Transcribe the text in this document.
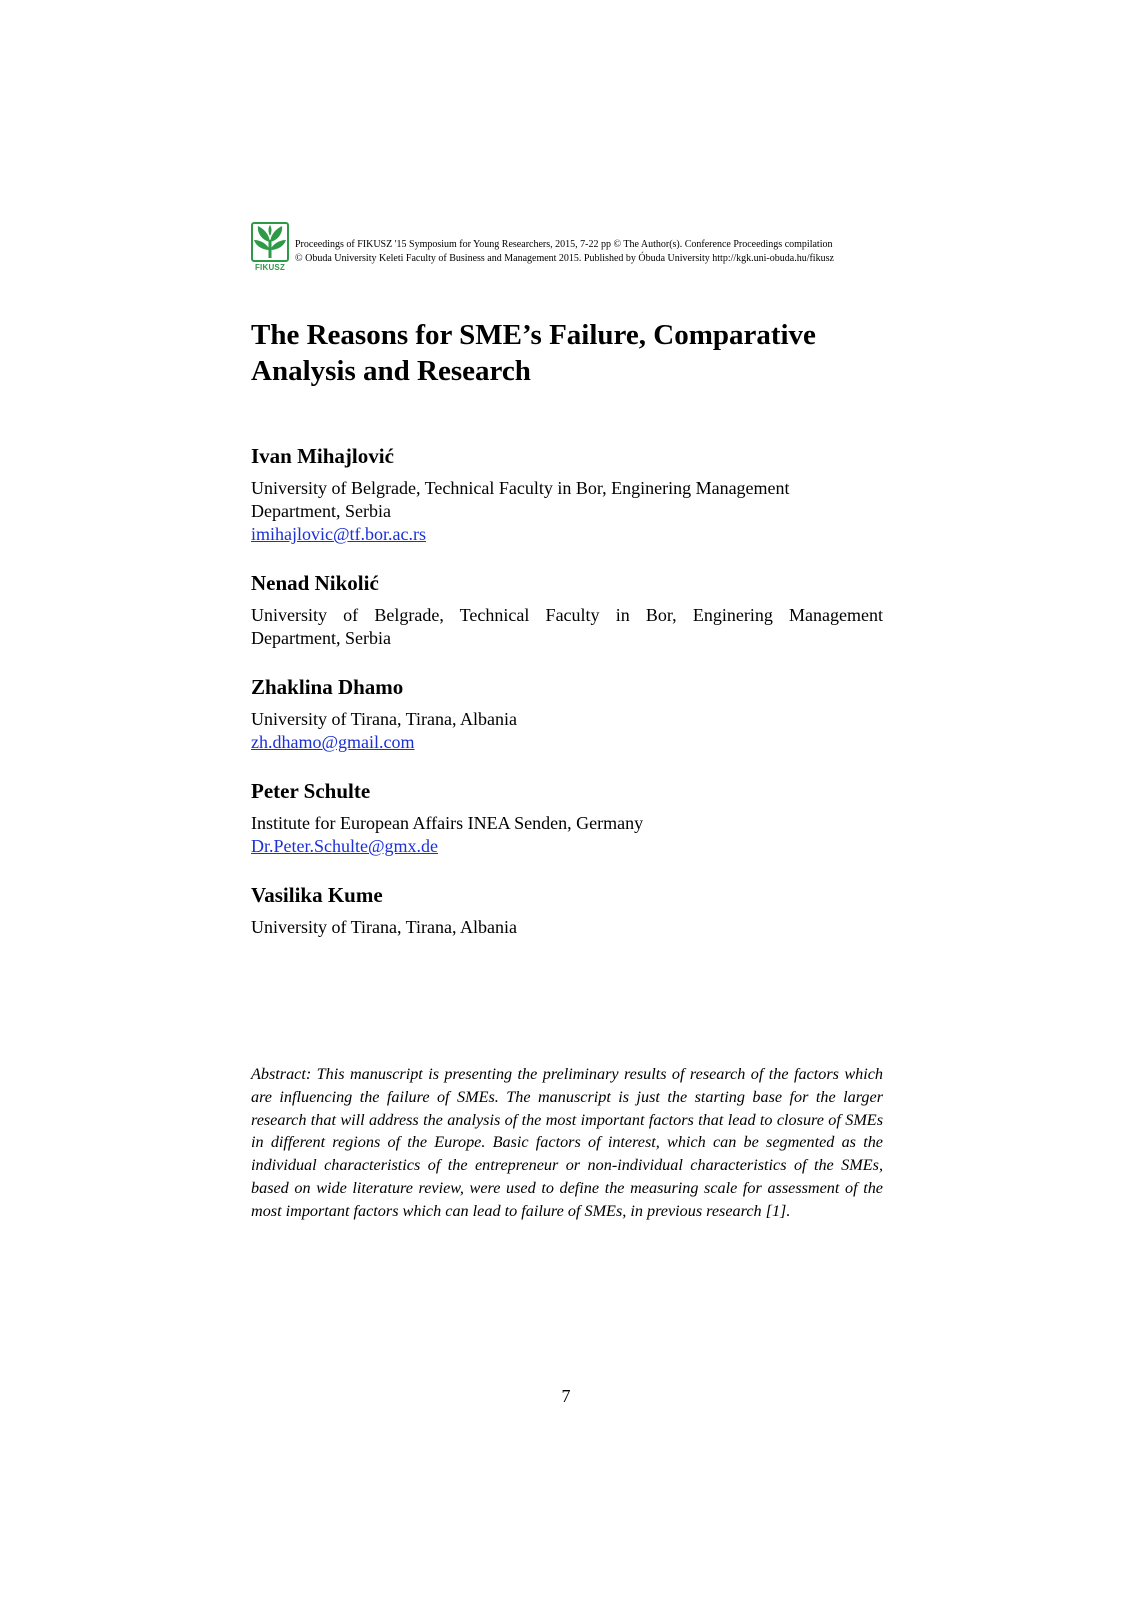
FIKUSZ
Proceedings of FIKUSZ '15 Symposium for Young Researchers, 2015, 7-22 pp © The Author(s). Conference Proceedings compilation
© Obuda University Keleti Faculty of Business and Management 2015. Published by Óbuda University http://kgk.uni-obuda.hu/fikusz
The Reasons for SME’s Failure, Comparative
Analysis and Research
Ivan Mihajlović
University of Belgrade, Technical Faculty in Bor, Enginering Management
Department, Serbia
imihajlovic@tf.bor.ac.rs
Nenad Nikolić
University of Belgrade, Technical Faculty in Bor, Enginering Management Department, Serbia
Zhaklina Dhamo
University of Tirana, Tirana, Albania
zh.dhamo@gmail.com
Peter Schulte
Institute for European Affairs INEA Senden, Germany
Dr.Peter.Schulte@gmx.de
Vasilika Kume
University of Tirana, Tirana, Albania

Abstract: This manuscript is presenting the preliminary results of research of the factors which are influencing the failure of SMEs. The manuscript is just the starting base for the larger research that will address the analysis of the most important factors that lead to closure of SMEs in different regions of the Europe. Basic factors of interest, which can be segmented as the individual characteristics of the entrepreneur or non-individual characteristics of the SMEs, based on wide literature review, were used to define the measuring scale for assessment of the most important factors which can lead to failure of SMEs, in previous research [1].

7
